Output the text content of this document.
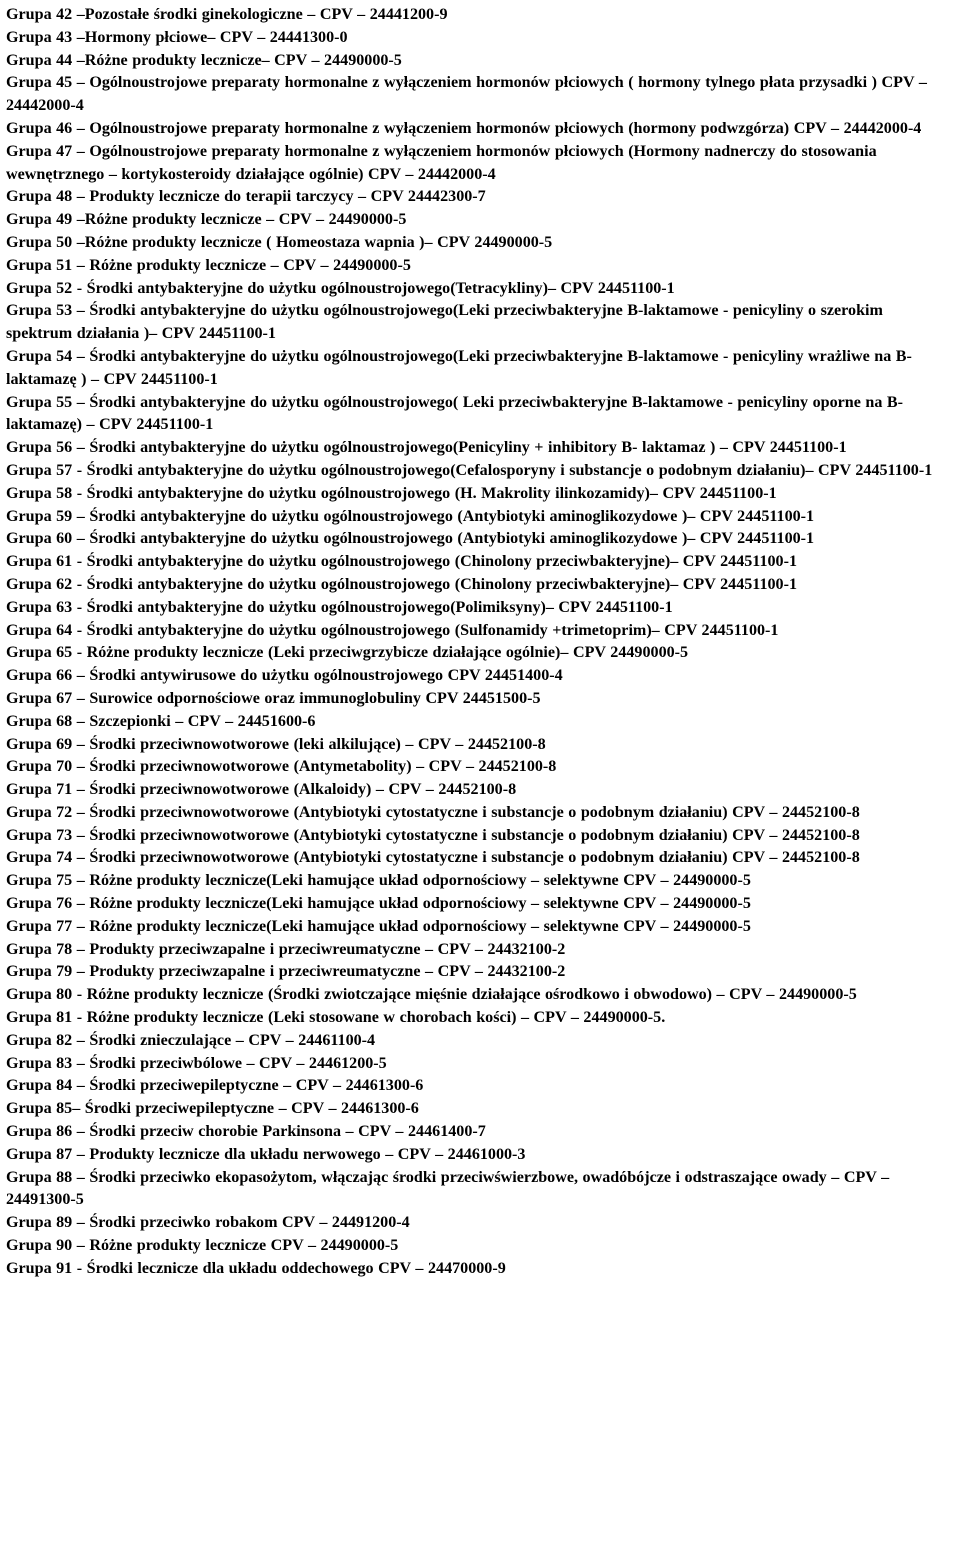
Grupa 42 –Pozostałe środki ginekologiczne – CPV – 24441200-9

Grupa 43 –Hormony płciowe– CPV – 24441300-0

Grupa 44 –Różne produkty lecznicze– CPV – 24490000-5

Grupa 45 – Ogólnoustrojowe preparaty hormonalne z wyłączeniem hormonów płciowych ( hormony tylnego płata przysadki ) CPV – 24442000-4

Grupa 46 – Ogólnoustrojowe preparaty hormonalne z wyłączeniem hormonów płciowych (hormony podwzgórza) CPV – 24442000-4

Grupa 47 – Ogólnoustrojowe preparaty hormonalne z wyłączeniem hormonów płciowych (Hormony nadnerczy do stosowania wewnętrznego – kortykosteroidy działające ogólnie) CPV – 24442000-4

Grupa 48 – Produkty lecznicze do terapii tarczycy – CPV 24442300-7

Grupa 49 –Różne produkty lecznicze – CPV – 24490000-5

Grupa 50 –Różne produkty lecznicze ( Homeostaza wapnia )– CPV 24490000-5

Grupa 51 – Różne produkty lecznicze – CPV – 24490000-5

Grupa 52 - Środki antybakteryjne do użytku ogólnoustrojowego(Tetracykliny)– CPV 24451100-1

Grupa 53 – Środki antybakteryjne do użytku ogólnoustrojowego(Leki przeciwbakteryjne B-laktamowe - penicyliny o szerokim spektrum działania )– CPV 24451100-1

Grupa 54 – Środki antybakteryjne do użytku ogólnoustrojowego(Leki przeciwbakteryjne B-laktamowe - penicyliny wrażliwe na B-laktamazę ) – CPV 24451100-1

Grupa 55 – Środki antybakteryjne do użytku ogólnoustrojowego( Leki przeciwbakteryjne B-laktamowe - penicyliny oporne na B-laktamazę) – CPV 24451100-1

Grupa 56 – Środki antybakteryjne do użytku ogólnoustrojowego(Penicyliny + inhibitory B- laktamaz ) – CPV 24451100-1

Grupa 57 - Środki antybakteryjne do użytku ogólnoustrojowego(Cefalosporyny i substancje o podobnym działaniu)– CPV 24451100-1

Grupa 58 - Środki antybakteryjne do użytku ogólnoustrojowego (H. Makrolity ilinkozamidy)– CPV 24451100-1

Grupa 59 – Środki antybakteryjne do użytku ogólnoustrojowego (Antybiotyki aminoglikozydowe )– CPV 24451100-1

Grupa 60 – Środki antybakteryjne do użytku ogólnoustrojowego (Antybiotyki aminoglikozydowe )– CPV 24451100-1

Grupa 61 - Środki antybakteryjne do użytku ogólnoustrojowego (Chinolony przeciwbakteryjne)– CPV 24451100-1

Grupa 62 - Środki antybakteryjne do użytku ogólnoustrojowego (Chinolony przeciwbakteryjne)– CPV 24451100-1

Grupa 63 - Środki antybakteryjne do użytku ogólnoustrojowego(Polimiksyny)– CPV 24451100-1

Grupa 64 - Środki antybakteryjne do użytku ogólnoustrojowego (Sulfonamidy +trimetoprim)– CPV 24451100-1

Grupa 65 - Różne produkty lecznicze (Leki przeciwgrzybicze działające ogólnie)– CPV 24490000-5

Grupa 66 – Środki antywirusowe do użytku ogólnoustrojowego CPV 24451400-4

Grupa 67 – Surowice odpornościowe oraz immunoglobuliny CPV 24451500-5

Grupa 68 – Szczepionki – CPV – 24451600-6

Grupa 69 – Środki przeciwnowotworowe (leki alkilujące) – CPV – 24452100-8

Grupa 70 – Środki przeciwnowotworowe (Antymetabolity) – CPV – 24452100-8

Grupa 71 – Środki przeciwnowotworowe (Alkaloidy) – CPV – 24452100-8

Grupa 72 – Środki przeciwnowotworowe (Antybiotyki cytostatyczne i substancje o podobnym działaniu) CPV – 24452100-8

Grupa 73 – Środki przeciwnowotworowe (Antybiotyki cytostatyczne i substancje o podobnym działaniu) CPV – 24452100-8

Grupa 74 – Środki przeciwnowotworowe (Antybiotyki cytostatyczne i substancje o podobnym działaniu) CPV – 24452100-8

Grupa 75 – Różne produkty lecznicze(Leki hamujące układ odpornościowy – selektywne CPV – 24490000-5

Grupa 76 – Różne produkty lecznicze(Leki hamujące układ odpornościowy – selektywne CPV – 24490000-5

Grupa 77 – Różne produkty lecznicze(Leki hamujące układ odpornościowy – selektywne CPV – 24490000-5

Grupa 78 – Produkty przeciwzapalne i przeciwreumatyczne – CPV – 24432100-2

Grupa 79 – Produkty przeciwzapalne i przeciwreumatyczne – CPV – 24432100-2

Grupa 80 - Różne produkty lecznicze (Środki zwiotczające mięśnie działające ośrodkowo i obwodowo) – CPV – 24490000-5

Grupa 81 - Różne produkty lecznicze (Leki stosowane w chorobach kości) – CPV – 24490000-5.

Grupa 82 – Środki znieczulające – CPV – 24461100-4

Grupa 83 – Środki przeciwbólowe – CPV – 24461200-5

Grupa 84 – Środki przeciwepileptyczne – CPV – 24461300-6

Grupa 85– Środki przeciwepileptyczne – CPV – 24461300-6

Grupa 86 – Środki przeciw chorobie Parkinsona – CPV – 24461400-7

Grupa 87 – Produkty lecznicze dla układu nerwowego – CPV – 24461000-3

Grupa 88 – Środki przeciwko ekopasożytom, włączając środki przeciwświerzbowe, owadóbójcze i odstraszające owady – CPV –24491300-5

Grupa 89 – Środki przeciwko robakom CPV – 24491200-4

Grupa 90 – Różne produkty lecznicze CPV – 24490000-5

Grupa 91 - Środki lecznicze dla układu oddechowego CPV – 24470000-9
